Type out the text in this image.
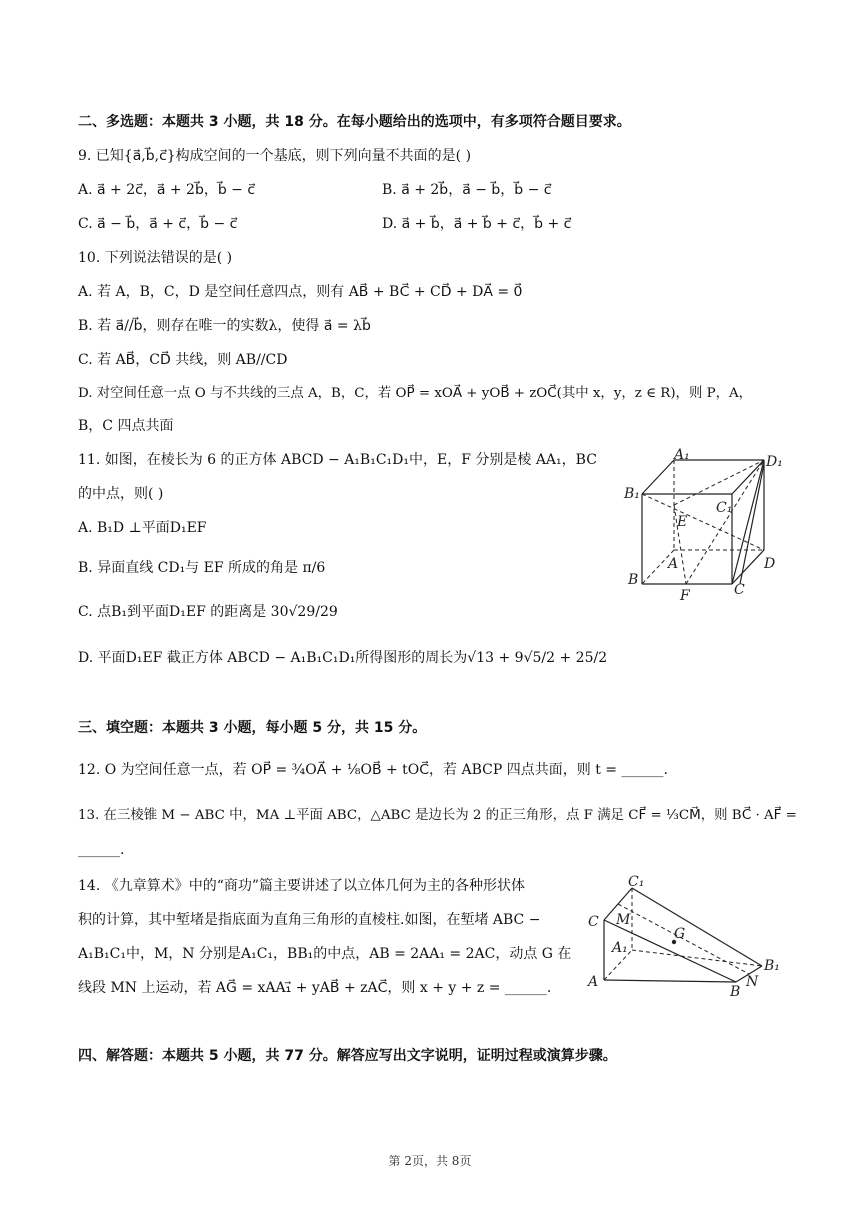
二、多选题：本题共 3 小题，共 18 分。在每小题给出的选项中，有多项符合题目要求。
9. 已知{a⃗,b⃗,c⃗}构成空间的一个基底，则下列向量不共面的是( )
A. a⃗ + 2c⃗，a⃗ + 2b⃗，b⃗ − c⃗	B. a⃗ + 2b⃗，a⃗ − b⃗，b⃗ − c⃗
C. a⃗ − b⃗，a⃗ + c⃗，b⃗ − c⃗	D. a⃗ + b⃗，a⃗ + b⃗ + c⃗，b⃗ + c⃗
10. 下列说法错误的是( )
A. 若 A，B，C，D 是空间任意四点，则有 AB⃗ + BC⃗ + CD⃗ + DA⃗ = 0⃗
B. 若 a⃗//b⃗，则存在唯一的实数λ，使得 a⃗ = λb⃗
C. 若 AB⃗，CD⃗ 共线，则 AB//CD
D. 对空间任意一点 O 与不共线的三点 A，B，C，若 OP⃗ = xOA⃗ + yOB⃗ + zOC⃗(其中 x，y，z ∈ R)，则 P，A，
B，C 四点共面
11. 如图，在棱长为 6 的正方体 ABCD − A₁B₁C₁D₁中，E，F 分别是棱 AA₁，BC
的中点，则( )
A. B₁D ⊥平面D₁EF
B. 异面直线 CD₁与 EF 所成的角是 π/6
C. 点B₁到平面D₁EF 的距离是 30√29/29
D. 平面D₁EF 截正方体 ABCD − A₁B₁C₁D₁所得图形的周长为√13 + 9√5/2 + 25/2
A₁	D₁
B₁
C₁
E
A
B
C
D
F
三、填空题：本题共 3 小题，每小题 5 分，共 15 分。
12. O 为空间任意一点，若 OP⃗ = ¾OA⃗ + ⅛OB⃗ + tOC⃗，若 ABCP 四点共面，则 t = ______.
13. 在三棱锥 M − ABC 中，MA ⊥平面 ABC，△ABC 是边长为 2 的正三角形，点 F 满足 CF⃗ = ⅓CM⃗，则 BC⃗ · AF⃗ =
______.
14. 《九章算术》中的“商功”篇主要讲述了以立体几何为主的各种形状体
积的计算，其中堑堵是指底面为直角三角形的直棱柱.如图，在堑堵 ABC −
A₁B₁C₁中，M，N 分别是A₁C₁，BB₁的中点，AB = 2AA₁ = 2AC，动点 G 在
线段 MN 上运动，若 AG⃗ = xAA₁⃗ + yAB⃗ + zAC⃗，则 x + y + z = ______.
C₁
C M
G
A₁
B₁
N
A
B
四、解答题：本题共 5 小题，共 77 分。解答应写出文字说明，证明过程或演算步骤。
第 2页，共 8页
